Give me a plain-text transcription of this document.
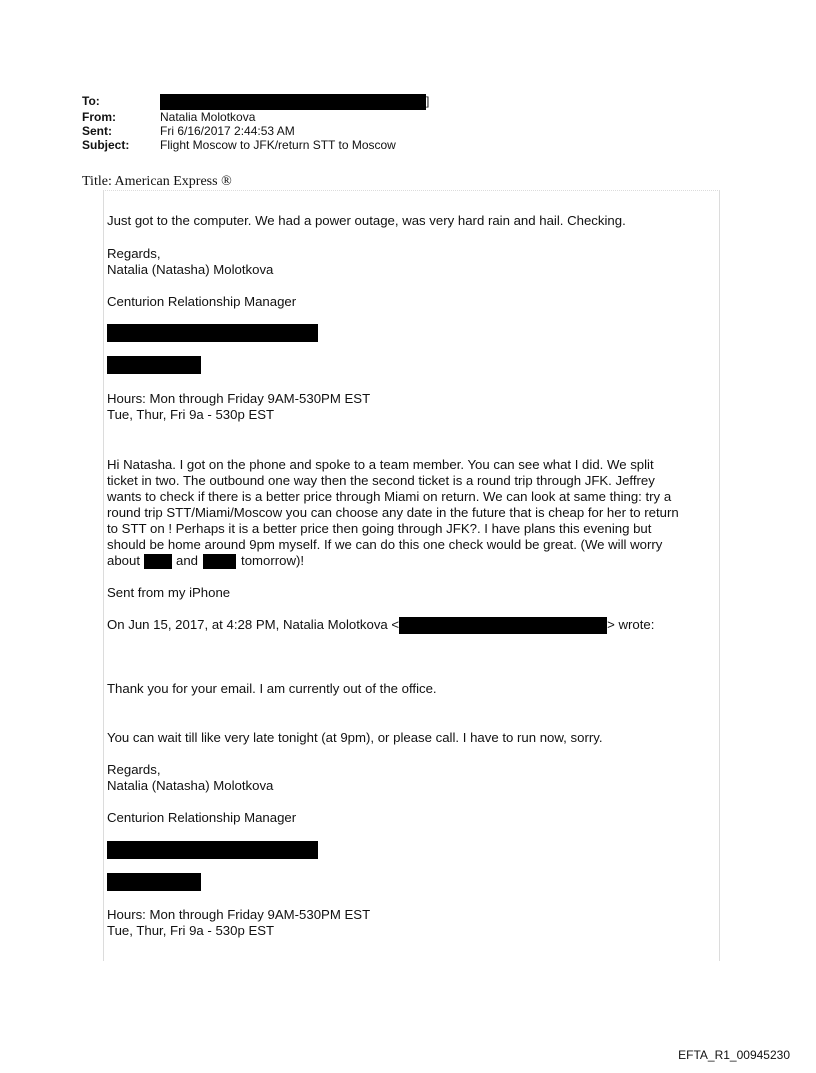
To:	]
From:	Natalia Molotkova
Sent:	Fri 6/16/2017 2:44:53 AM
Subject:	Flight Moscow to JFK/return STT to Moscow
Title: American Express ®
Just got to the computer. We had a power outage, was very hard rain and hail. Checking.
Regards,
Natalia (Natasha) Molotkova
Centurion Relationship Manager
Hours: Mon through Friday 9AM-530PM EST
Tue, Thur, Fri 9a - 530p EST
Hi Natasha. I got on the phone and spoke to a team member. You can see what I did. We split
ticket in two. The outbound one way then the second ticket is a round trip through JFK. Jeffrey
wants to check if there is a better price through Miami on return. We can look at same thing: try a
round trip STT/Miami/Moscow you can choose any date in the future that is cheap for her to return
to STT on ! Perhaps it is a better price then going through JFK?. I have plans this evening but
should be home around 9pm myself. If we can do this one check would be great. (We will worry
about	and	tomorrow)!
Sent from my iPhone
On Jun 15, 2017, at 4:28 PM, Natalia Molotkova <	> wrote:
Thank you for your email. I am currently out of the office.
You can wait till like very late tonight (at 9pm), or please call. I have to run now, sorry.
Regards,
Natalia (Natasha) Molotkova
Centurion Relationship Manager
Hours: Mon through Friday 9AM-530PM EST
Tue, Thur, Fri 9a - 530p EST
EFTA_R1_00945230
